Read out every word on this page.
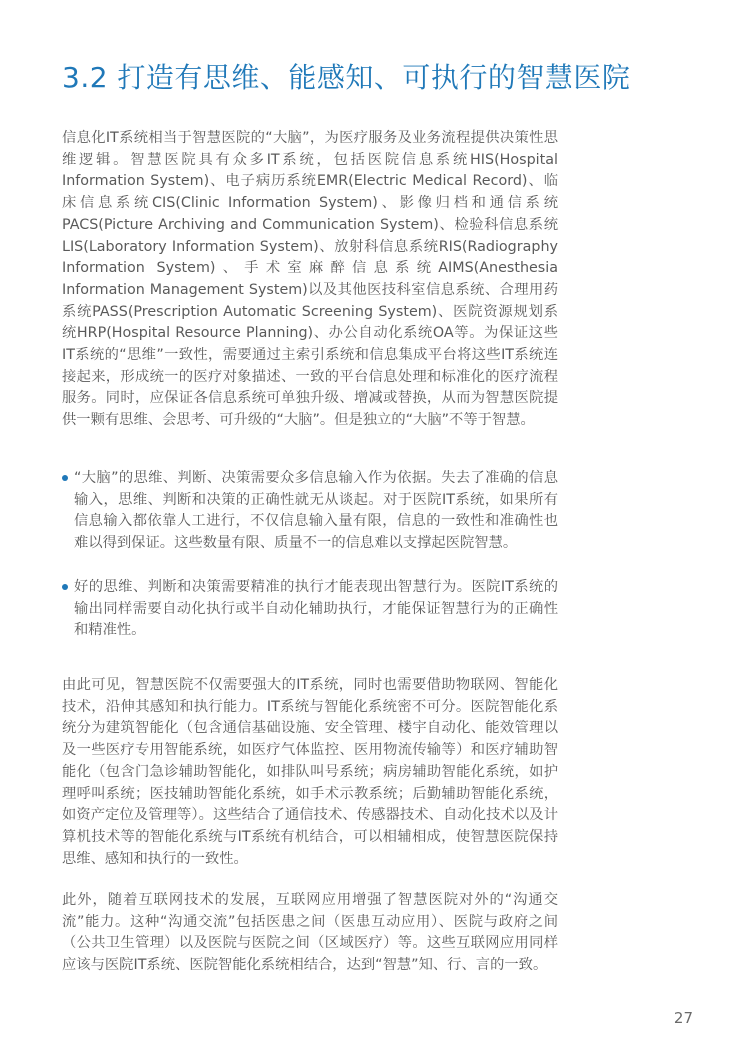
3.2 打造有思维、能感知、可执行的智慧医院

信息化IT系统相当于智慧医院的“大脑”，为医疗服务及业务流程提供决策性思维逻辑。智慧医院具有众多IT系统，包括医院信息系统HIS(Hospital Information System)、电子病历系统EMR(Electric Medical Record)、临床信息系统CIS(Clinic Information System)、影像归档和通信系统PACS(Picture Archiving and Communication System)、检验科信息系统LIS(Laboratory Information System)、放射科信息系统RIS(Radiography Information System)、手术室麻醉信息系统AIMS(Anesthesia Information Management System)以及其他医技科室信息系统、合理用药系统PASS(Prescription Automatic Screening System)、医院资源规划系统HRP(Hospital Resource Planning)、办公自动化系统OA等。为保证这些IT系统的“思维”一致性，需要通过主索引系统和信息集成平台将这些IT系统连接起来，形成统一的医疗对象描述、一致的平台信息处理和标准化的医疗流程服务。同时，应保证各信息系统可单独升级、增减或替换，从而为智慧医院提供一颗有思维、会思考、可升级的“大脑”。但是独立的“大脑”不等于智慧。

“大脑”的思维、判断、决策需要众多信息输入作为依据。失去了准确的信息输入，思维、判断和决策的正确性就无从谈起。对于医院IT系统，如果所有信息输入都依靠人工进行，不仅信息输入量有限，信息的一致性和准确性也难以得到保证。这些数量有限、质量不一的信息难以支撑起医院智慧。
好的思维、判断和决策需要精准的执行才能表现出智慧行为。医院IT系统的输出同样需要自动化执行或半自动化辅助执行，才能保证智慧行为的正确性和精准性。

由此可见，智慧医院不仅需要强大的IT系统，同时也需要借助物联网、智能化技术，沿伸其感知和执行能力。IT系统与智能化系统密不可分。医院智能化系统分为建筑智能化（包含通信基础设施、安全管理、楼宇自动化、能效管理以及一些医疗专用智能系统，如医疗气体监控、医用物流传输等）和医疗辅助智能化（包含门急诊辅助智能化，如排队叫号系统；病房辅助智能化系统，如护理呼叫系统；医技辅助智能化系统，如手术示教系统；后勤辅助智能化系统，如资产定位及管理等）。这些结合了通信技术、传感器技术、自动化技术以及计算机技术等的智能化系统与IT系统有机结合，可以相辅相成，使智慧医院保持思维、感知和执行的一致性。

此外，随着互联网技术的发展，互联网应用增强了智慧医院对外的“沟通交流”能力。这种“沟通交流”包括医患之间（医患互动应用）、医院与政府之间（公共卫生管理）以及医院与医院之间（区域医疗）等。这些互联网应用同样应该与医院IT系统、医院智能化系统相结合，达到“智慧”知、行、言的一致。

27
